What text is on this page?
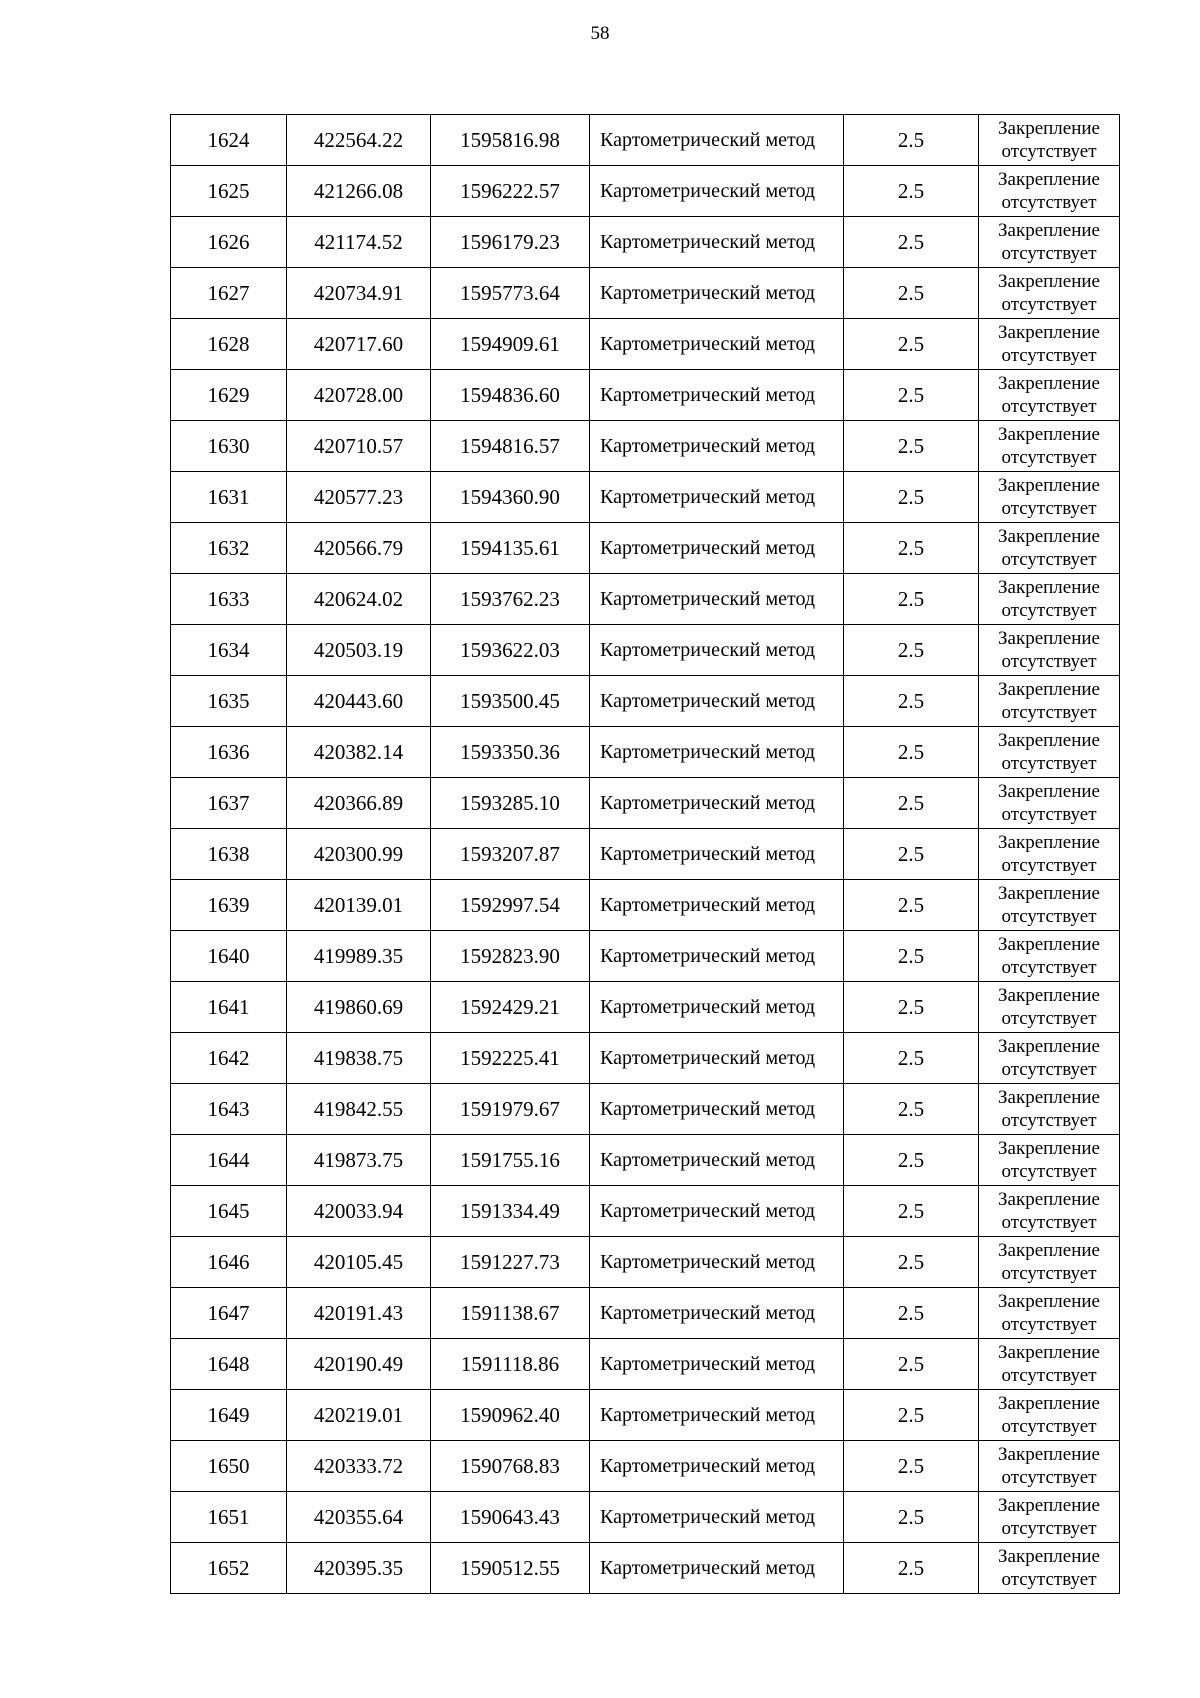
58
1624	422564.22	1595816.98	Картометрический метод	2.5	Закрепление
отсутствует

1625	421266.08	1596222.57	Картометрический метод	2.5	Закрепление
отсутствует

1626	421174.52	1596179.23	Картометрический метод	2.5	Закрепление
отсутствует

1627	420734.91	1595773.64	Картометрический метод	2.5	Закрепление
отсутствует

1628	420717.60	1594909.61	Картометрический метод	2.5	Закрепление
отсутствует

1629	420728.00	1594836.60	Картометрический метод	2.5	Закрепление
отсутствует

1630	420710.57	1594816.57	Картометрический метод	2.5	Закрепление
отсутствует

1631	420577.23	1594360.90	Картометрический метод	2.5	Закрепление
отсутствует

1632	420566.79	1594135.61	Картометрический метод	2.5	Закрепление
отсутствует

1633	420624.02	1593762.23	Картометрический метод	2.5	Закрепление
отсутствует

1634	420503.19	1593622.03	Картометрический метод	2.5	Закрепление
отсутствует

1635	420443.60	1593500.45	Картометрический метод	2.5	Закрепление
отсутствует

1636	420382.14	1593350.36	Картометрический метод	2.5	Закрепление
отсутствует

1637	420366.89	1593285.10	Картометрический метод	2.5	Закрепление
отсутствует

1638	420300.99	1593207.87	Картометрический метод	2.5	Закрепление
отсутствует

1639	420139.01	1592997.54	Картометрический метод	2.5	Закрепление
отсутствует

1640	419989.35	1592823.90	Картометрический метод	2.5	Закрепление
отсутствует

1641	419860.69	1592429.21	Картометрический метод	2.5	Закрепление
отсутствует

1642	419838.75	1592225.41	Картометрический метод	2.5	Закрепление
отсутствует

1643	419842.55	1591979.67	Картометрический метод	2.5	Закрепление
отсутствует

1644	419873.75	1591755.16	Картометрический метод	2.5	Закрепление
отсутствует

1645	420033.94	1591334.49	Картометрический метод	2.5	Закрепление
отсутствует

1646	420105.45	1591227.73	Картометрический метод	2.5	Закрепление
отсутствует

1647	420191.43	1591138.67	Картометрический метод	2.5	Закрепление
отсутствует

1648	420190.49	1591118.86	Картометрический метод	2.5	Закрепление
отсутствует

1649	420219.01	1590962.40	Картометрический метод	2.5	Закрепление
отсутствует

1650	420333.72	1590768.83	Картометрический метод	2.5	Закрепление
отсутствует

1651	420355.64	1590643.43	Картометрический метод	2.5	Закрепление
отсутствует

1652	420395.35	1590512.55	Картометрический метод	2.5	Закрепление
отсутствует
